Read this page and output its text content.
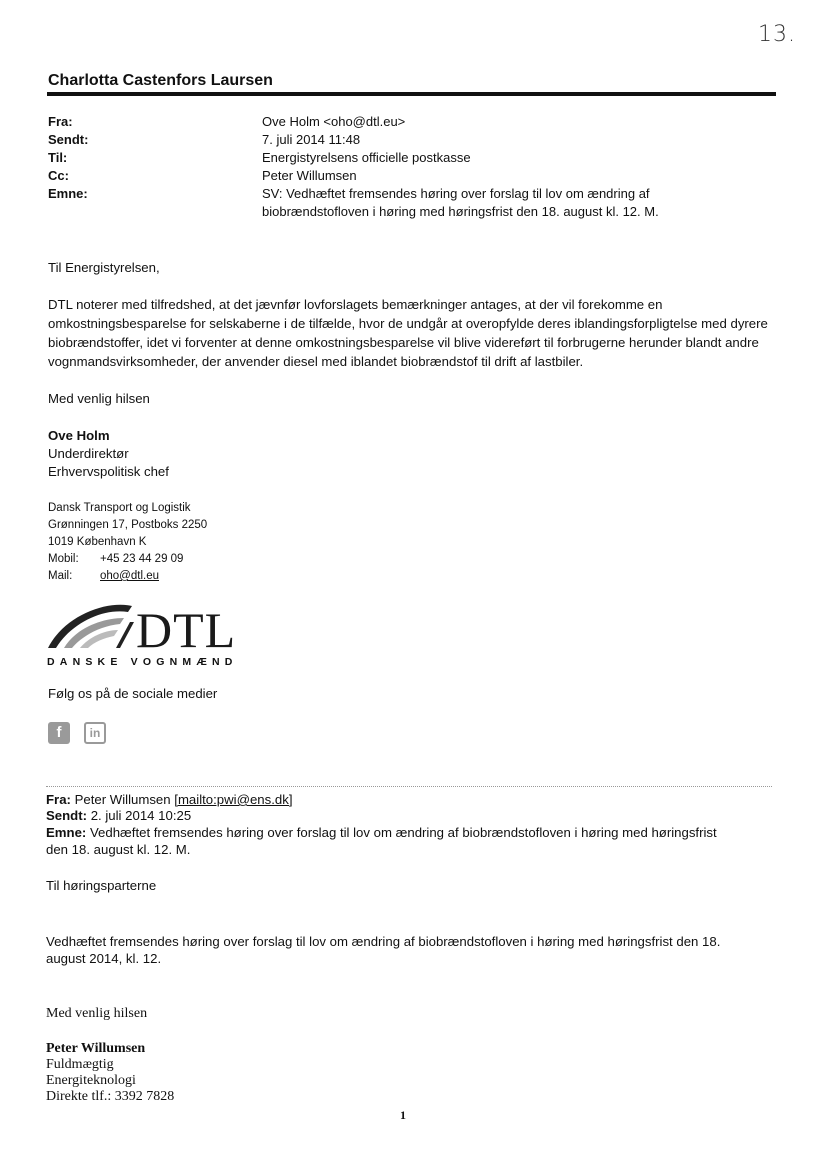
13.
Charlotta Castenfors Laursen
Fra:	Ove Holm <oho@dtl.eu>
Sendt:	7. juli 2014 11:48
Til:	Energistyrelsens officielle postkasse
Cc:	Peter Willumsen
Emne:	SV: Vedhæftet fremsendes høring over forslag til lov om ændring af
biobrændstofloven i høring med høringsfrist den 18. august kl. 12. M.
Til Energistyrelsen,
DTL noterer med tilfredshed, at det jævnfør lovforslagets bemærkninger antages, at der vil forekomme en omkostningsbesparelse for selskaberne i de tilfælde, hvor de undgår at overopfylde deres iblandingsforpligtelse med dyrere biobrændstoffer, idet vi forventer at denne omkostningsbesparelse vil blive videreført til forbrugerne herunder blandt andre vognmandsvirksomheder, der anvender diesel med iblandet biobrændstof til drift af lastbiler.
Med venlig hilsen
Ove Holm
Underdirektør
Erhvervspolitisk chef
Dansk Transport og Logistik
Grønningen 17, Postboks 2250
1019 København K
Mobil: +45 23 44 29 09
Mail: oho@dtl.eu
DTL
DANSKE VOGNMÆND
Følg os på de sociale medier
f	in
Fra: Peter Willumsen [mailto:pwi@ens.dk]
Sendt: 2. juli 2014 10:25
Emne: Vedhæftet fremsendes høring over forslag til lov om ændring af biobrændstofloven i høring med høringsfrist
den 18. august kl. 12. M.
Til høringsparterne
Vedhæftet fremsendes høring over forslag til lov om ændring af biobrændstofloven i høring med høringsfrist den 18.
august 2014, kl. 12.
Med venlig hilsen
Peter Willumsen
Fuldmægtig
Energiteknologi
Direkte tlf.: 3392 7828
1
